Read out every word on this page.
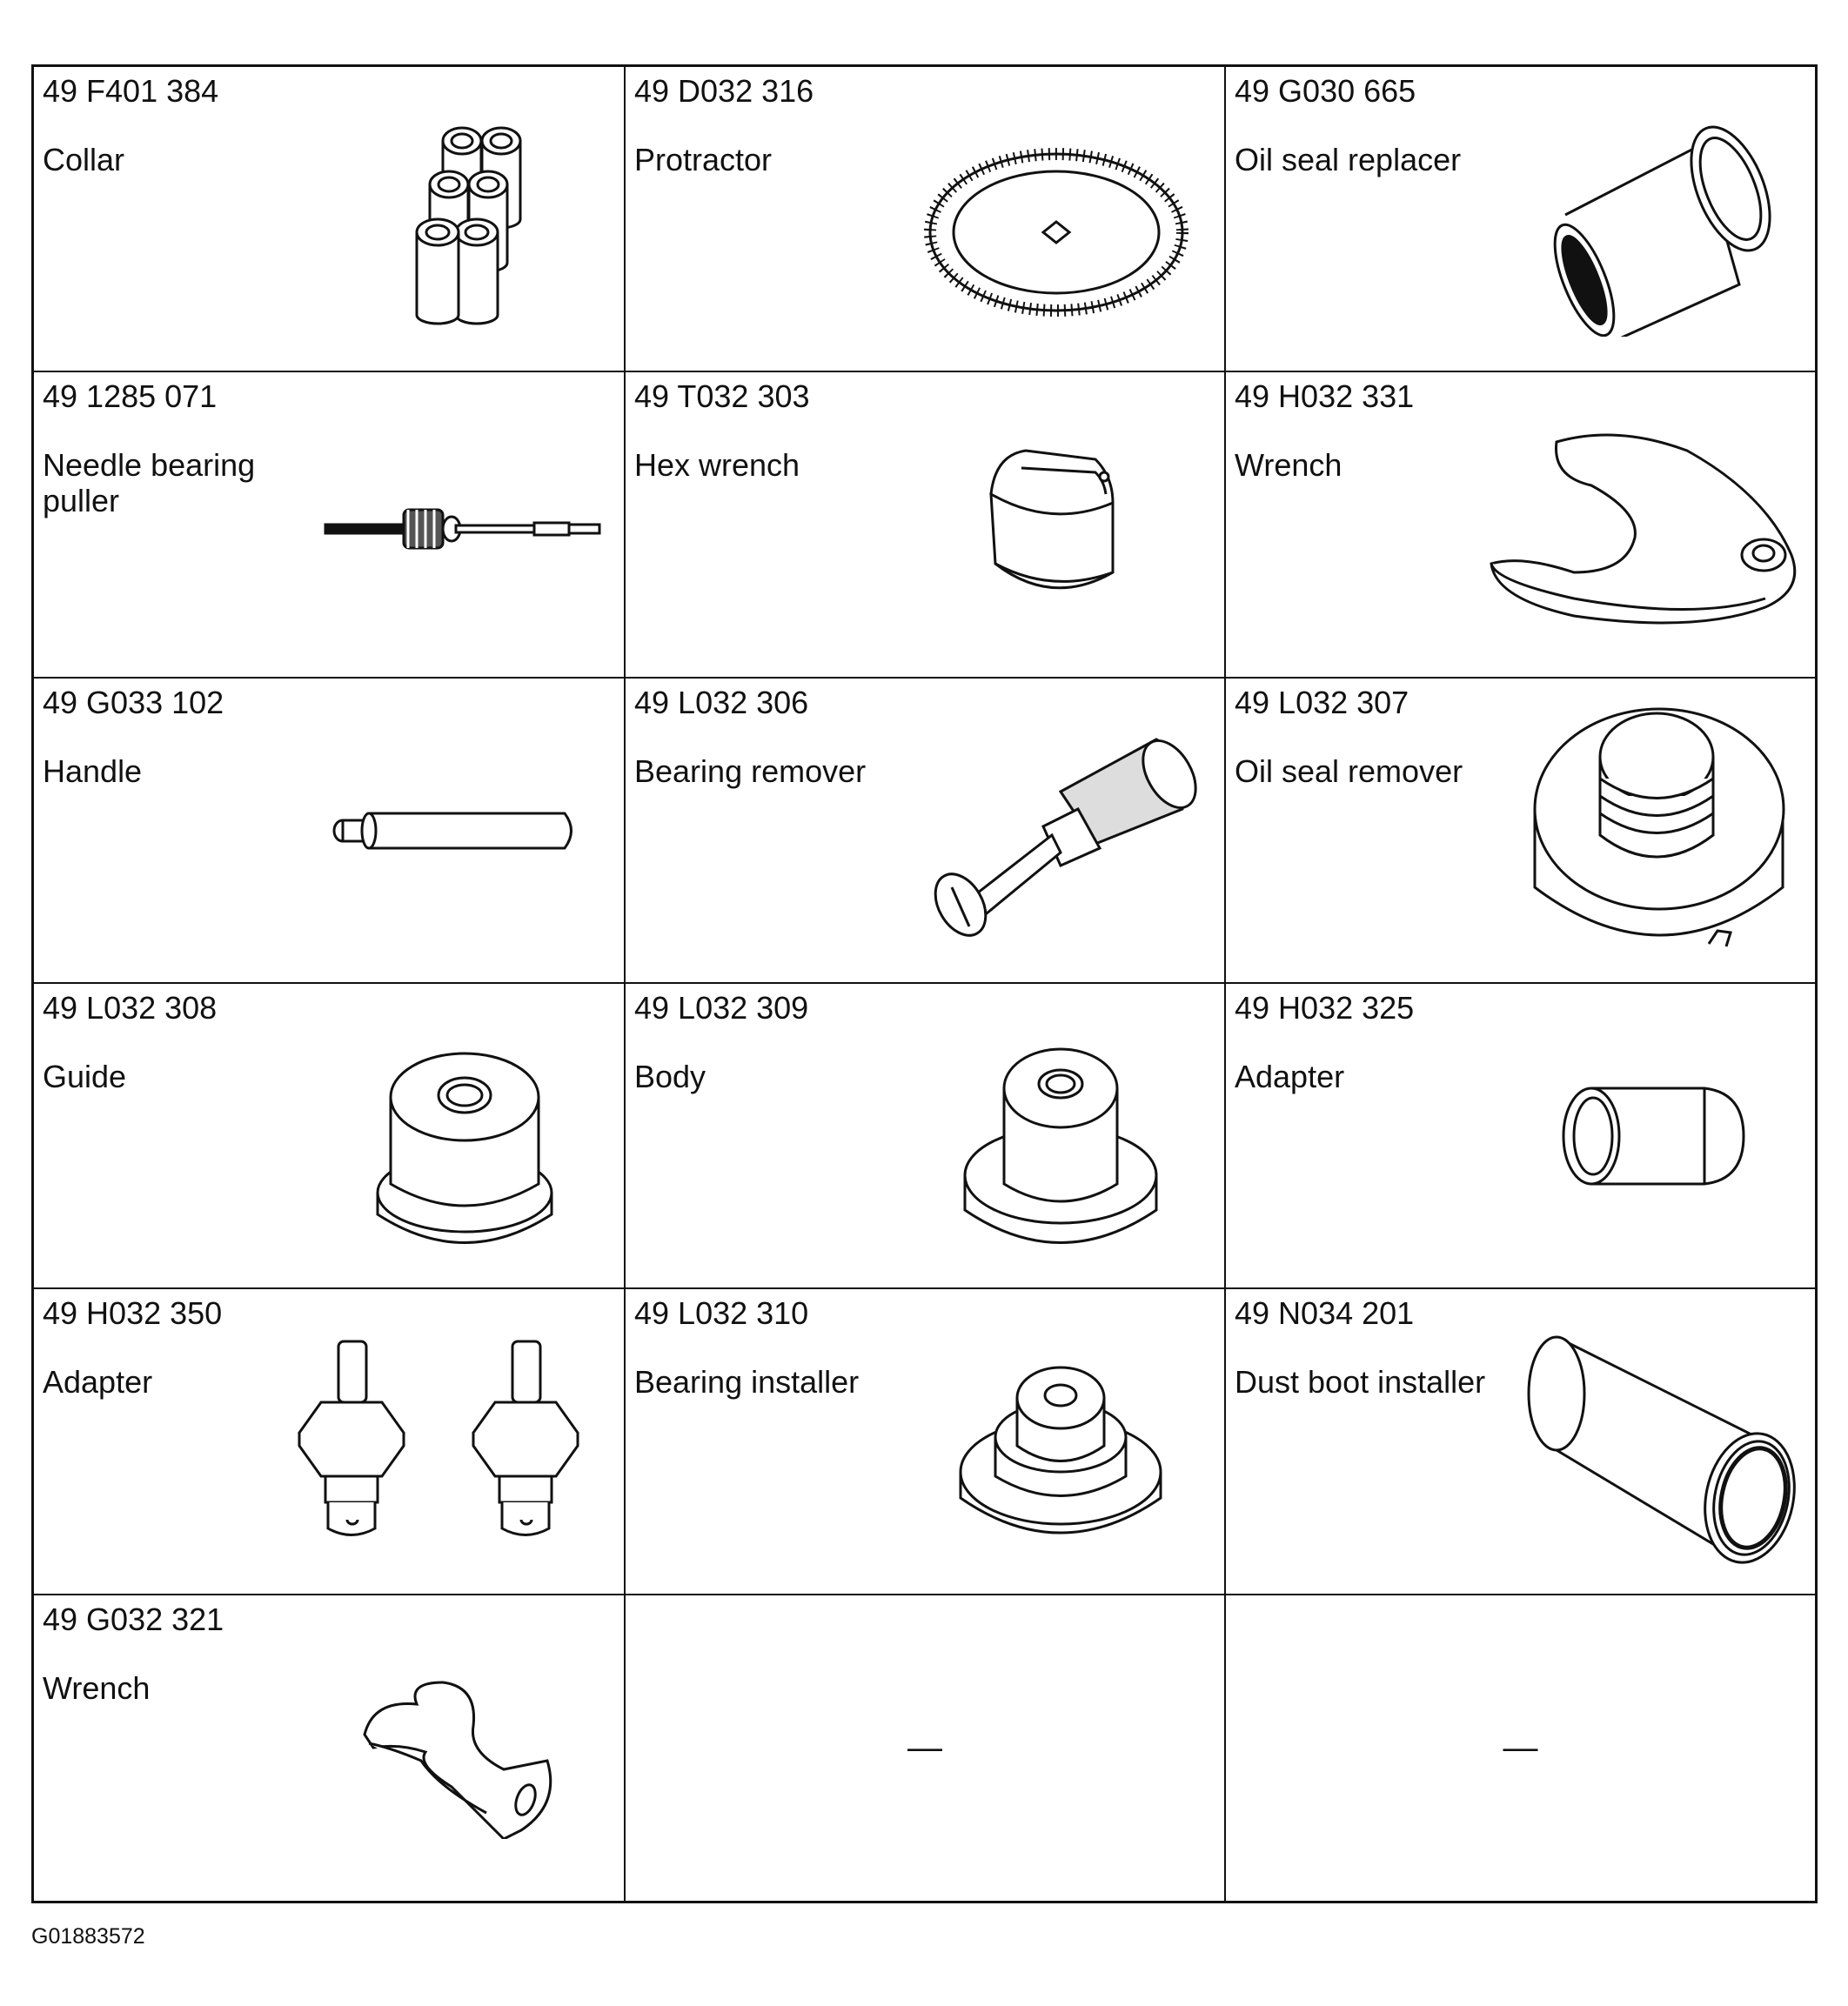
49 F401 384
Collar
49 D032 316
Protractor
49 G030 665
Oil seal replacer
49 1285 071
Needle bearing puller
49 T032 303
Hex wrench
49 H032 331
Wrench
49 G033 102
Handle
49 L032 306
Bearing remover
49 L032 307
Oil seal remover
49 L032 308
Guide
49 L032 309
Body
49 H032 325
Adapter
49 H032 350
Adapter
49 L032 310
Bearing installer
49 N034 201
Dust boot installer
49 G032 321
Wrench
—	—
G01883572
